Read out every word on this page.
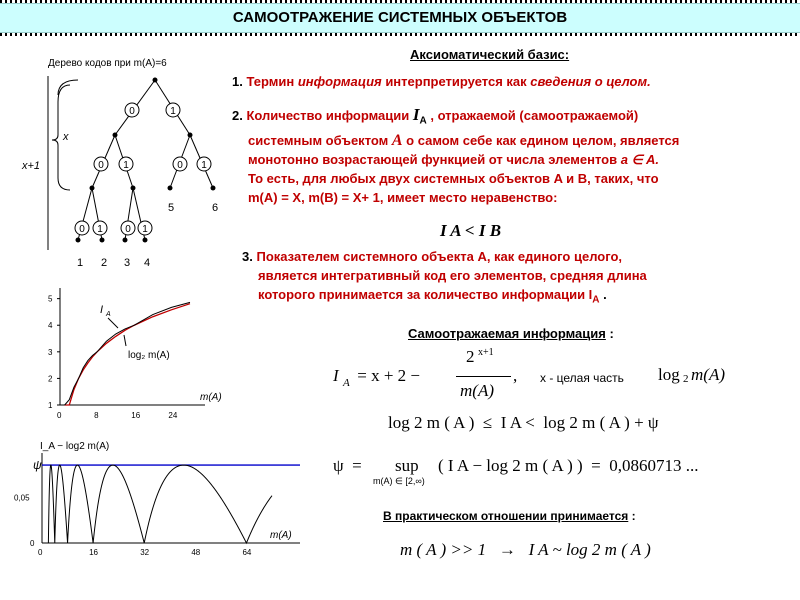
САМООТРАЖЕНИЕ СИСТЕМНЫХ ОБЪЕКТОВ
Дерево кодов при m(A)=6
x
x+1
0	1
0 1	0 1
0 1 0 1
1 2 3 4
5	6
1
2
3
4
5
0	8	16	24
I A
log₂ m(A)
m(A)
I_A − log2 m(A)
ψ
0,05
0
0	16	32	48	64
m(A)
Аксиоматический базис:
1. Термин информация интерпретируется как сведения о целом.
2. Количество информации $I_A$ , отражаемой (самоотражаемой)
системным объектом A о самом себе как едином целом, является
монотонно возрастающей функцией от числа элементов a ∈ A.
То есть, для любых двух системных объектов A и B, таких, что
m(A) = X, m(B) = X+ 1, имеет место неравенство:
I A < I B
3. Показателем системного объекта A, как единого целого,
является интегративный код его элементов, средняя длина
которого принимается за количество информации $I_A$ .
Самоотражаемая информация :
I A = x + 2 −
2 x+1
m(A)
, x - целая часть log 2 m(A)
log 2 m ( A )  ≤  I A <  log 2 m ( A ) + ψ
ψ  = sup
m(A) ∈ [2,∞)
( I A − log 2 m ( A ) )  =  0,0860713 ...
В практическом отношении принимается :
m ( A ) >> 1   →   I A ~ log 2 m ( A )
